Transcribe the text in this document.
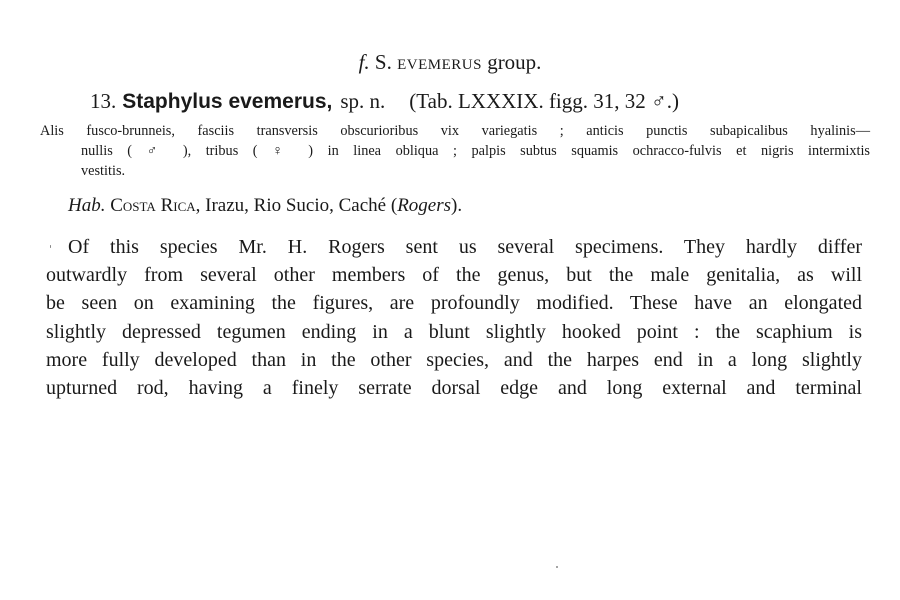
f. S. EVEMERUS group.
13. Staphylus evemerus, sp. n. (Tab. LXXXIX. figg. 31, 32 ♂.)
Alis fusco-brunneis, fasciis transversis obscurioribus vix variegatis ; anticis punctis subapicalibus hyalinis—
nullis ( ♂ ), tribus ( ♀ ) in linea obliqua ; palpis subtus squamis ochracco-fulvis et nigris intermixtis
vestitis.
Hab. Costa Rica, Irazu, Rio Sucio, Caché (Rogers).
Of this species Mr. H. Rogers sent us several specimens. They hardly differ
outwardly from several other members of the genus, but the male genitalia, as will
be seen on examining the figures, are profoundly modified. These have an elongated
slightly depressed tegumen ending in a blunt slightly hooked point : the scaphium is
more fully developed than in the other species, and the harpes end in a long slightly
upturned rod, having a finely serrate dorsal edge and long external and terminal
